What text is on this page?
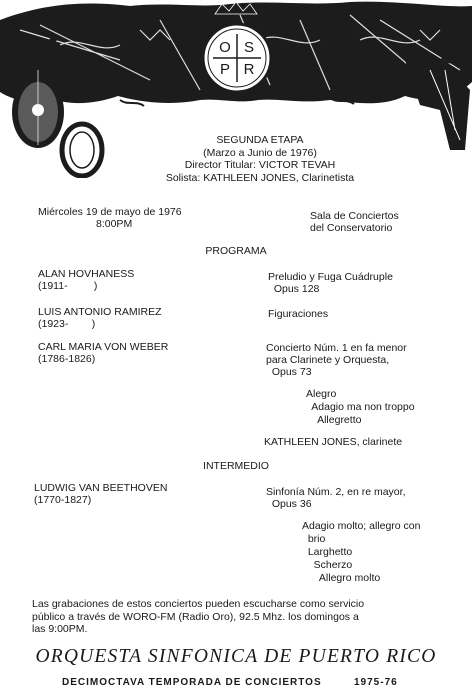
O S
P R
SEGUNDA ETAPA
(Marzo a Junio de 1976)
Director Titular: VICTOR TEVAH
Solista: KATHLEEN JONES, Clarinetista
Miércoles 19 de mayo de 1976
8:00PM
Sala de Conciertos
del Conservatorio
PROGRAMA
ALAN HOVHANESS
(1911-         )
Preludio y Fuga Cuádruple
Opus 128
LUIS ANTONIO RAMIREZ
(1923-        )
Figuraciones
CARL MARIA VON WEBER
(1786-1826)
Concierto Núm. 1 en fa menor
para Clarinete y Orquesta,
Opus 73
Alegro
Adagio ma non troppo
Allegretto
KATHLEEN JONES, clarinete
INTERMEDIO
LUDWIG VAN BEETHOVEN
(1770-1827)
Sinfonía Núm. 2, en re mayor,
Opus 36
Adagio molto; allegro con
brio
Larghetto
Scherzo
Allegro molto
Las grabaciones de estos conciertos pueden escucharse como servicio
público a través de WORO-FM (Radio Oro), 92.5 Mhz. los domingos a
las 9:00PM.
ORQUESTA SINFONICA DE PUERTO RICO
DECIMOCTAVA TEMPORADA DE CONCIERTOS	1975-76
